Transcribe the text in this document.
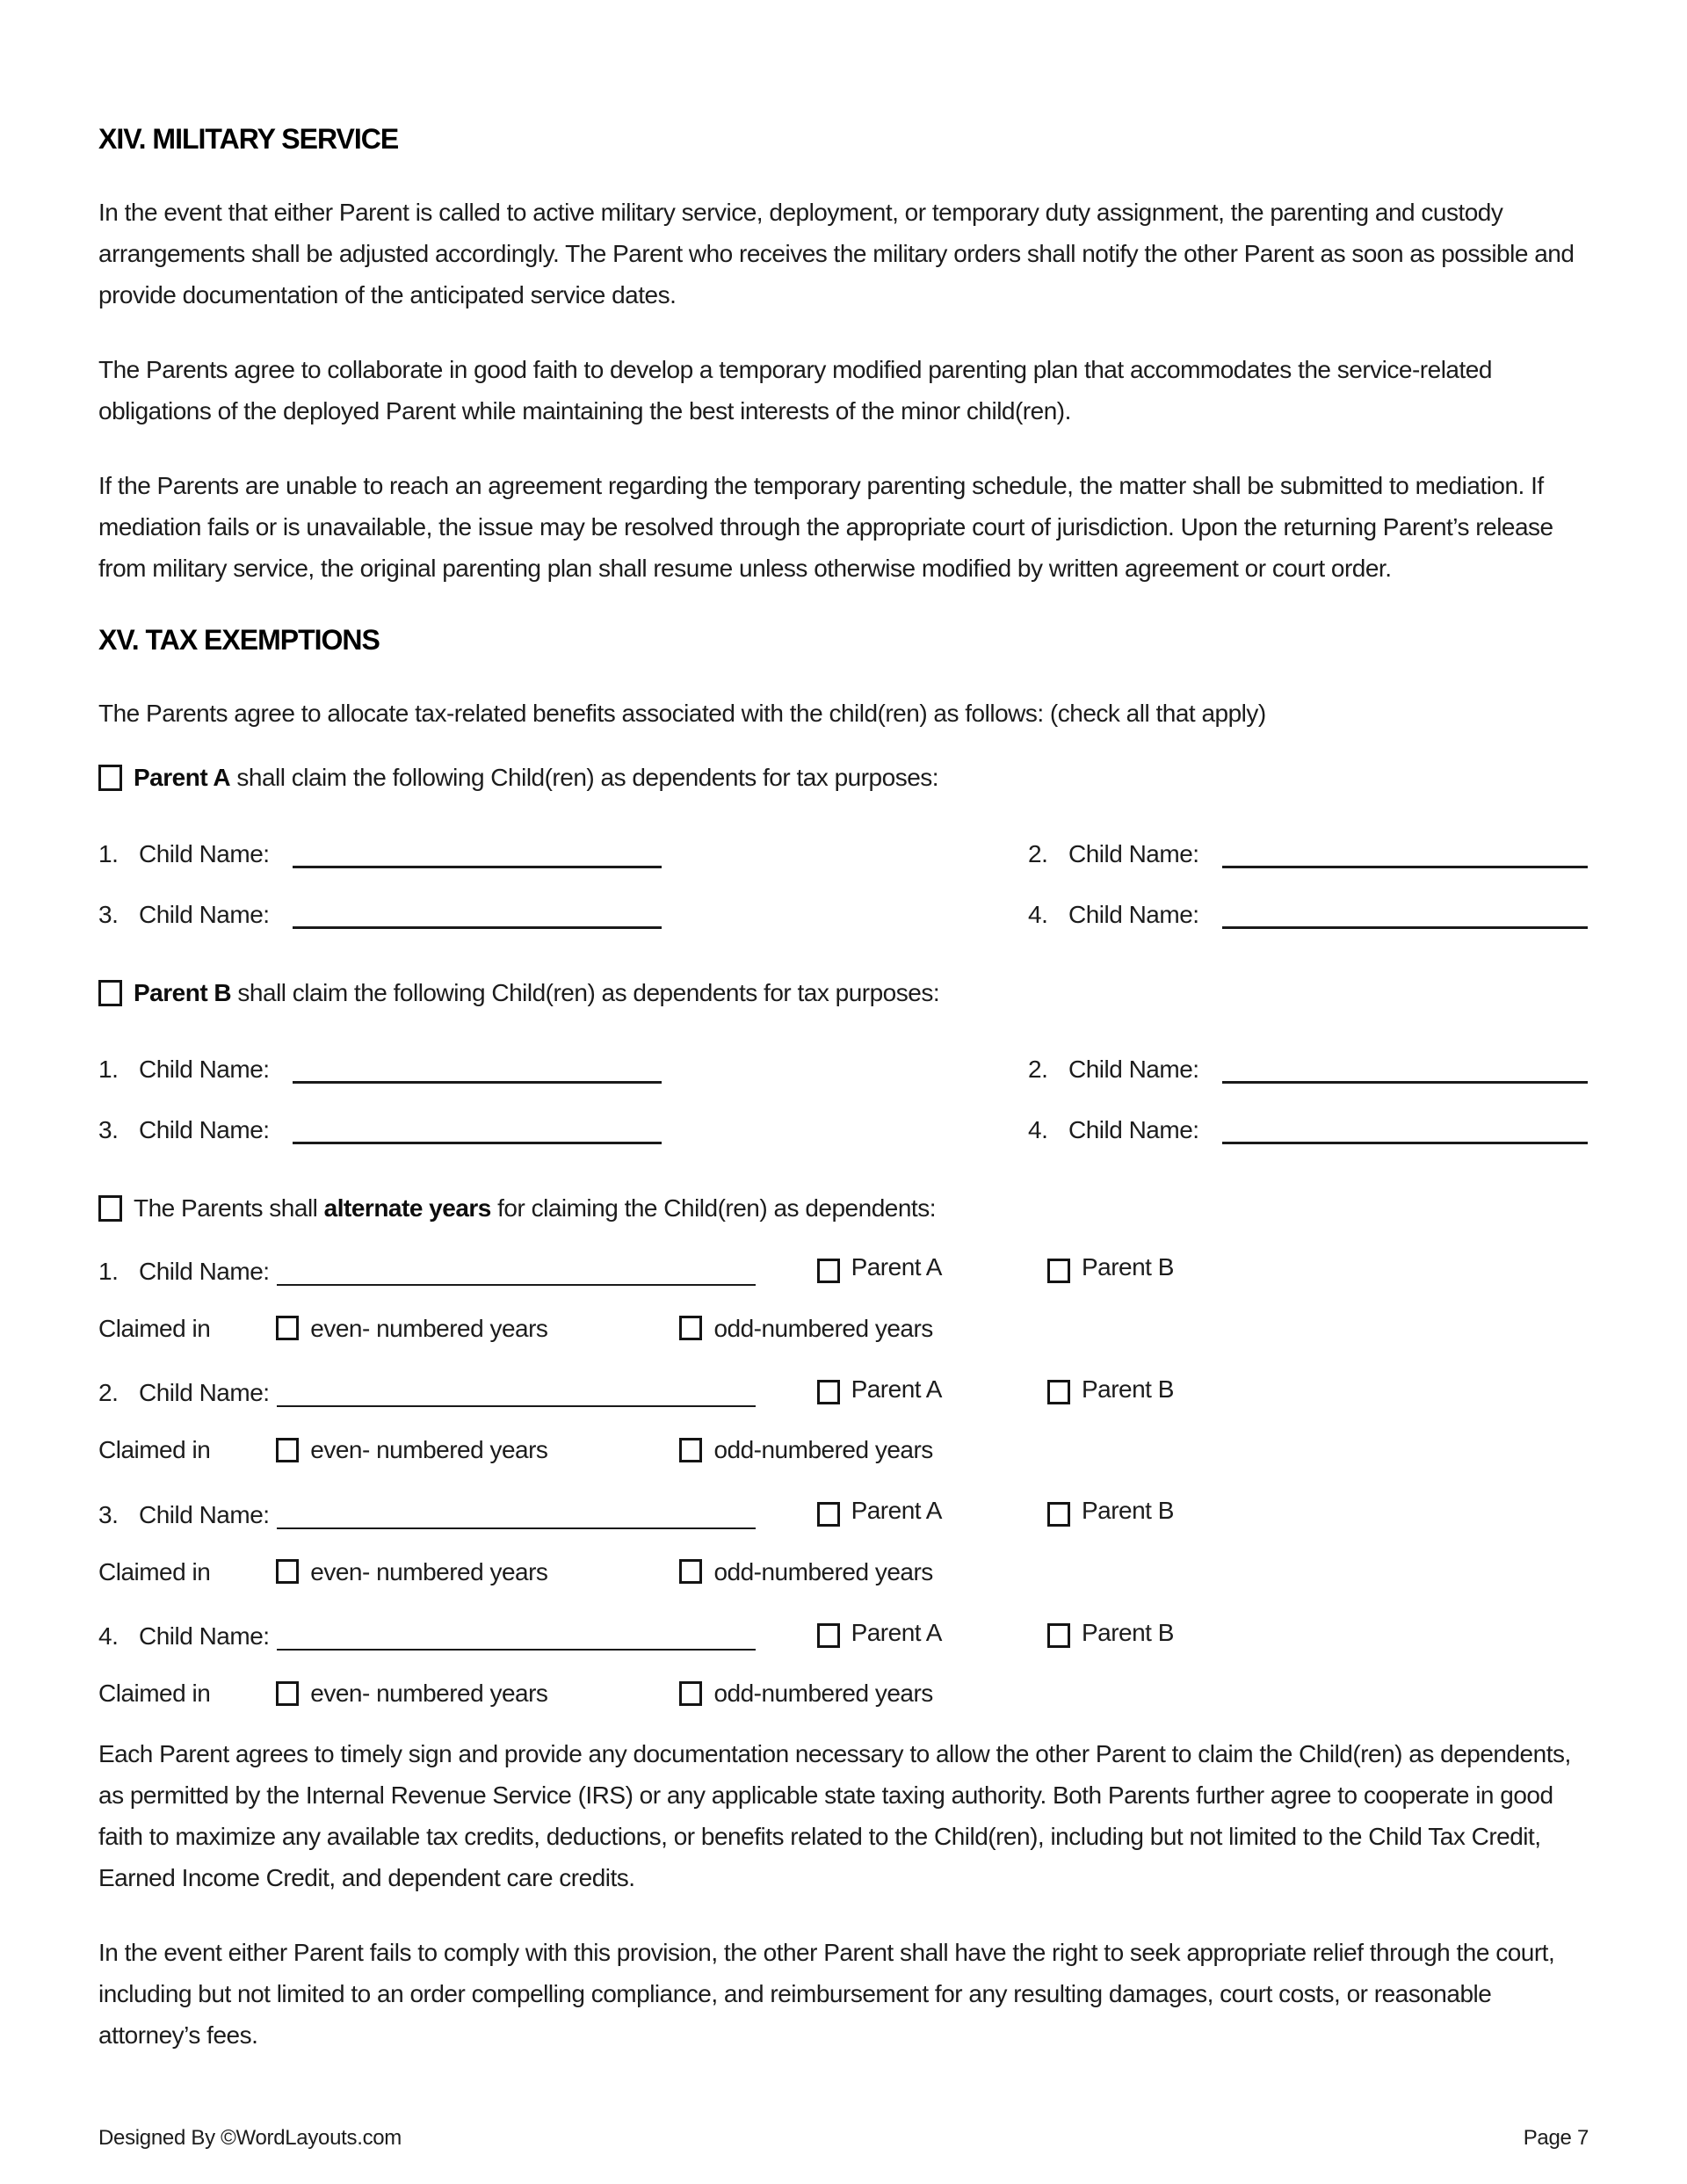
XIV. MILITARY SERVICE

In the event that either Parent is called to active military service, deployment, or temporary duty assignment, the parenting and custody arrangements shall be adjusted accordingly. The Parent who receives the military orders shall notify the other Parent as soon as possible and provide documentation of the anticipated service dates.

The Parents agree to collaborate in good faith to develop a temporary modified parenting plan that accommodates the service-related obligations of the deployed Parent while maintaining the best interests of the minor child(ren).

If the Parents are unable to reach an agreement regarding the temporary parenting schedule, the matter shall be submitted to mediation. If mediation fails or is unavailable, the issue may be resolved through the appropriate court of jurisdiction. Upon the returning Parent’s release from military service, the original parenting plan shall resume unless otherwise modified by written agreement or court order.

XV. TAX EXEMPTIONS

The Parents agree to allocate tax-related benefits associated with the child(ren) as follows: (check all that apply)

Parent A shall claim the following Child(ren) as dependents for tax purposes:
1. Child Name:	2. Child Name:
3. Child Name:	4. Child Name:
Parent B shall claim the following Child(ren) as dependents for tax purposes:
1. Child Name:	2. Child Name:
3. Child Name:	4. Child Name:
The Parents shall alternate years for claiming the Child(ren) as dependents:
1. Child Name:	Parent A	Parent B
Claimed in	even- numbered years	odd-numbered years
2. Child Name:	Parent A	Parent B
Claimed in	even- numbered years	odd-numbered years
3. Child Name:	Parent A	Parent B
Claimed in	even- numbered years	odd-numbered years
4. Child Name:	Parent A	Parent B
Claimed in	even- numbered years	odd-numbered years

Each Parent agrees to timely sign and provide any documentation necessary to allow the other Parent to claim the Child(ren) as dependents, as permitted by the Internal Revenue Service (IRS) or any applicable state taxing authority. Both Parents further agree to cooperate in good faith to maximize any available tax credits, deductions, or benefits related to the Child(ren), including but not limited to the Child Tax Credit, Earned Income Credit, and dependent care credits.

In the event either Parent fails to comply with this provision, the other Parent shall have the right to seek appropriate relief through the court, including but not limited to an order compelling compliance, and reimbursement for any resulting damages, court costs, or reasonable attorney’s fees.

Designed By ©WordLayouts.com	Page 7
